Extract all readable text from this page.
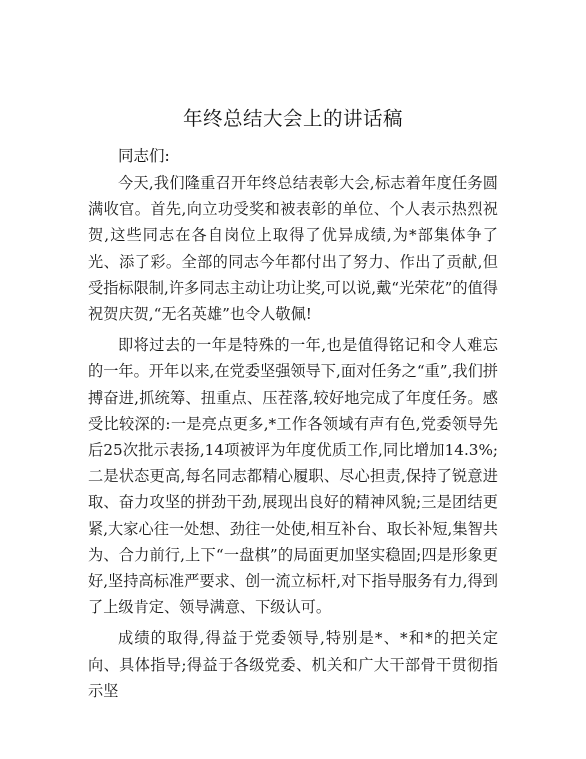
年终总结大会上的讲话稿
同志们:

今天,我们隆重召开年终总结表彰大会,标志着年度任务圆满收官。首先,向立功受奖和被表彰的单位、个人表示热烈祝贺,这些同志在各自岗位上取得了优异成绩,为*部集体争了光、添了彩。全部的同志今年都付出了努力、作出了贡献,但受指标限制,许多同志主动让功让奖,可以说,戴“光荣花”的值得祝贺庆贺,“无名英雄”也令人敬佩!

即将过去的一年是特殊的一年,也是值得铭记和令人难忘的一年。开年以来,在党委坚强领导下,面对任务之“重”,我们拼搏奋进,抓统筹、扭重点、压茬落,较好地完成了年度任务。感受比较深的:一是亮点更多,*工作各领域有声有色,党委领导先后25次批示表扬,14项被评为年度优质工作,同比增加14.3%;二是状态更高,每名同志都精心履职、尽心担责,保持了锐意进取、奋力攻坚的拼劲干劲,展现出良好的精神风貌;三是团结更紧,大家心往一处想、劲往一处使,相互补台、取长补短,集智共为、合力前行,上下“一盘棋”的局面更加坚实稳固;四是形象更好,坚持高标准严要求、创一流立标杆,对下指导服务有力,得到了上级肯定、领导满意、下级认可。

成绩的取得,得益于党委领导,特别是*、*和*的把关定向、具体指导;得益于各级党委、机关和广大干部骨干贯彻指示坚
